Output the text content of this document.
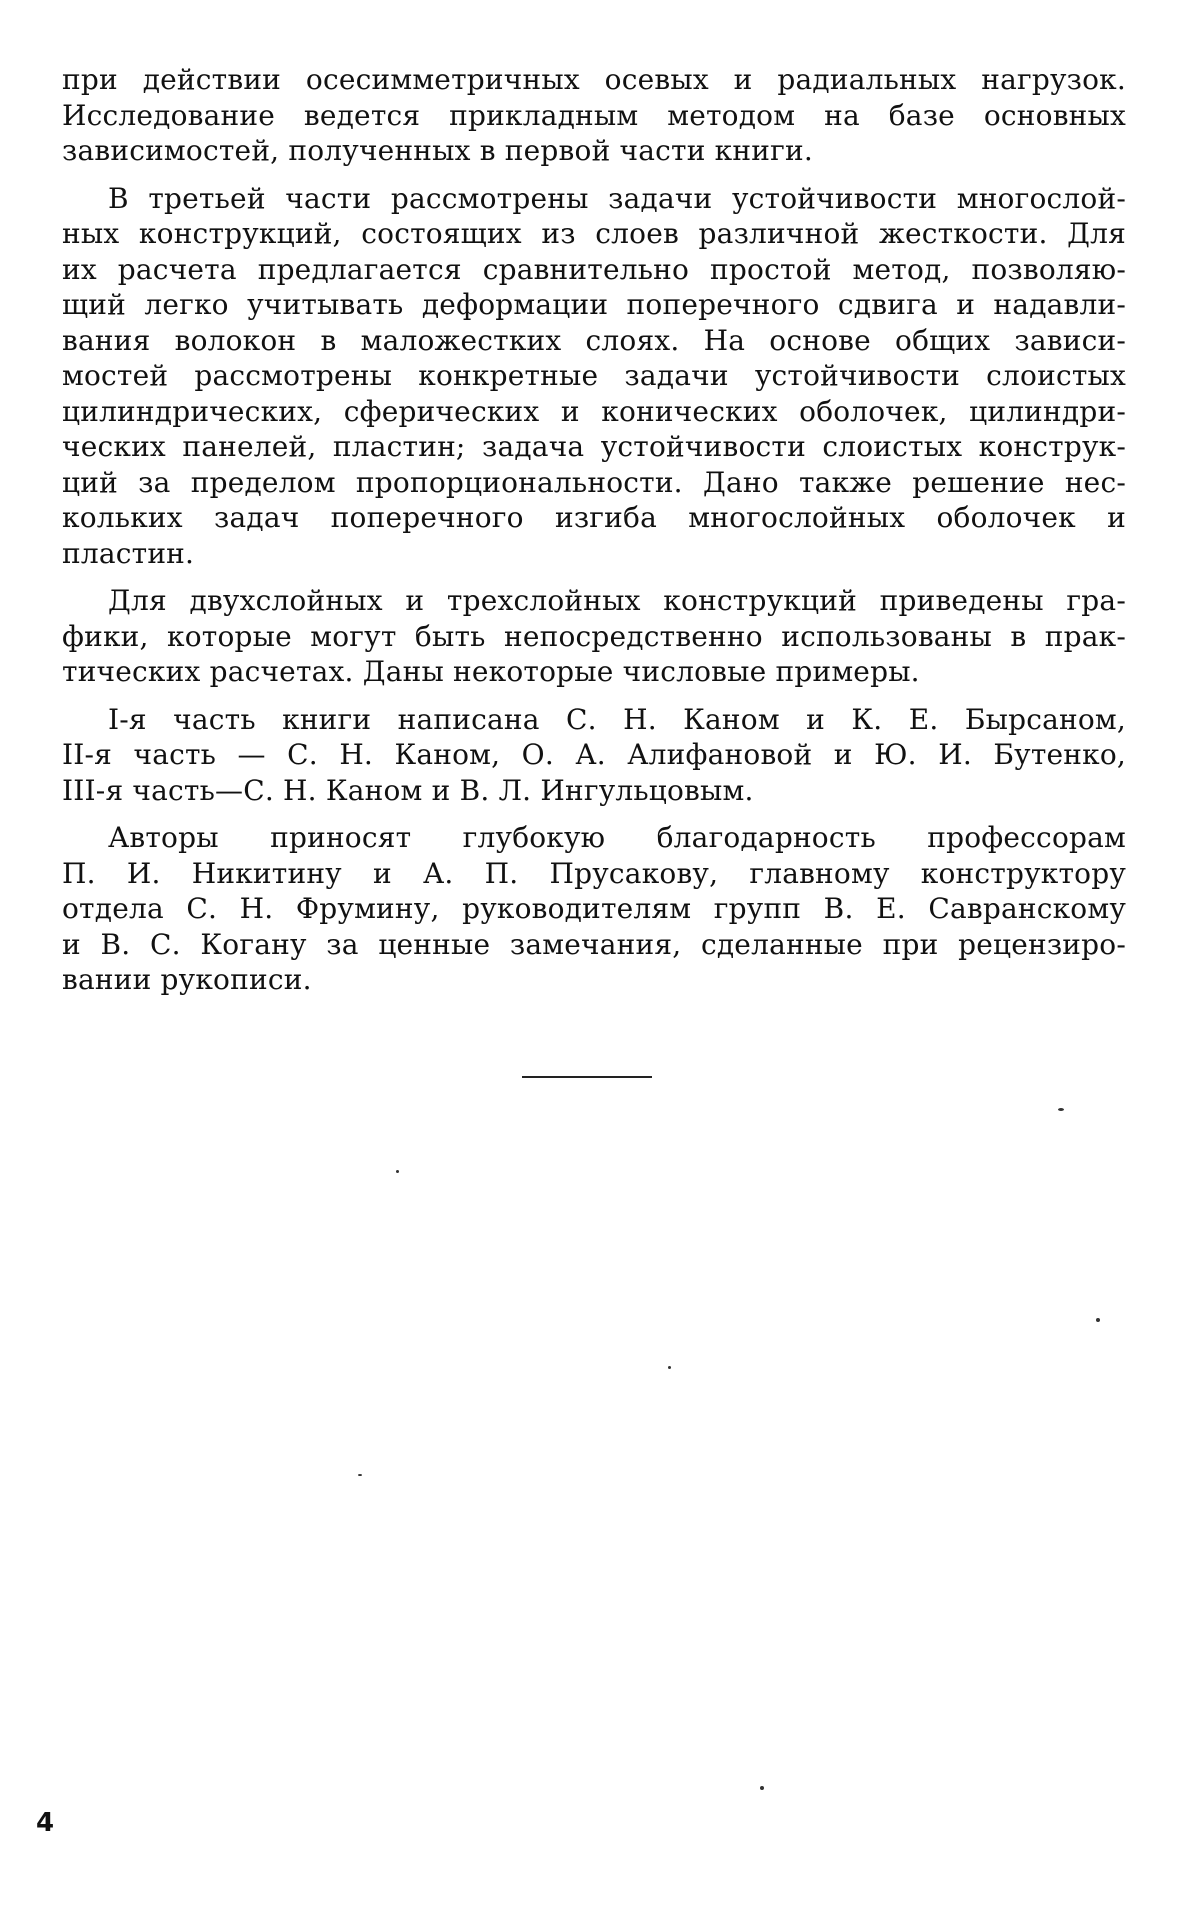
при действии осесимметричных осевых и радиальных нагрузок.
Исследование ведется прикладным методом на базе основных
зависимостей, полученных в первой части книги.
В третьей части рассмотрены задачи устойчивости многослой-
ных конструкций, состоящих из слоев различной жесткости. Для
их расчета предлагается сравнительно простой метод, позволяю-
щий легко учитывать деформации поперечного сдвига и надавли-
вания волокон в маложестких слоях. На основе общих зависи-
мостей рассмотрены конкретные задачи устойчивости слоистых
цилиндрических, сферических и конических оболочек, цилиндри-
ческих панелей, пластин; задача устойчивости слоистых конструк-
ций за пределом пропорциональности. Дано также решение нес-
кольких задач поперечного изгиба многослойных оболочек и
пластин.
Для двухслойных и трехслойных конструкций приведены гра-
фики, которые могут быть непосредственно использованы в прак-
тических расчетах. Даны некоторые числовые примеры.
I-я часть книги написана С. Н. Каном и К. Е. Бырсаном,
II-я часть — С. Н. Каном, О. А. Алифановой и Ю. И. Бутенко,
III-я часть—С. Н. Каном и В. Л. Ингульцовым.
Авторы приносят глубокую благодарность профессорам
П. И. Никитину и А. П. Прусакову, главному конструктору
отдела С. Н. Фрумину, руководителям групп В. Е. Савранскому
и В. С. Когану за ценные замечания, сделанные при рецензиро-
вании рукописи.
4
